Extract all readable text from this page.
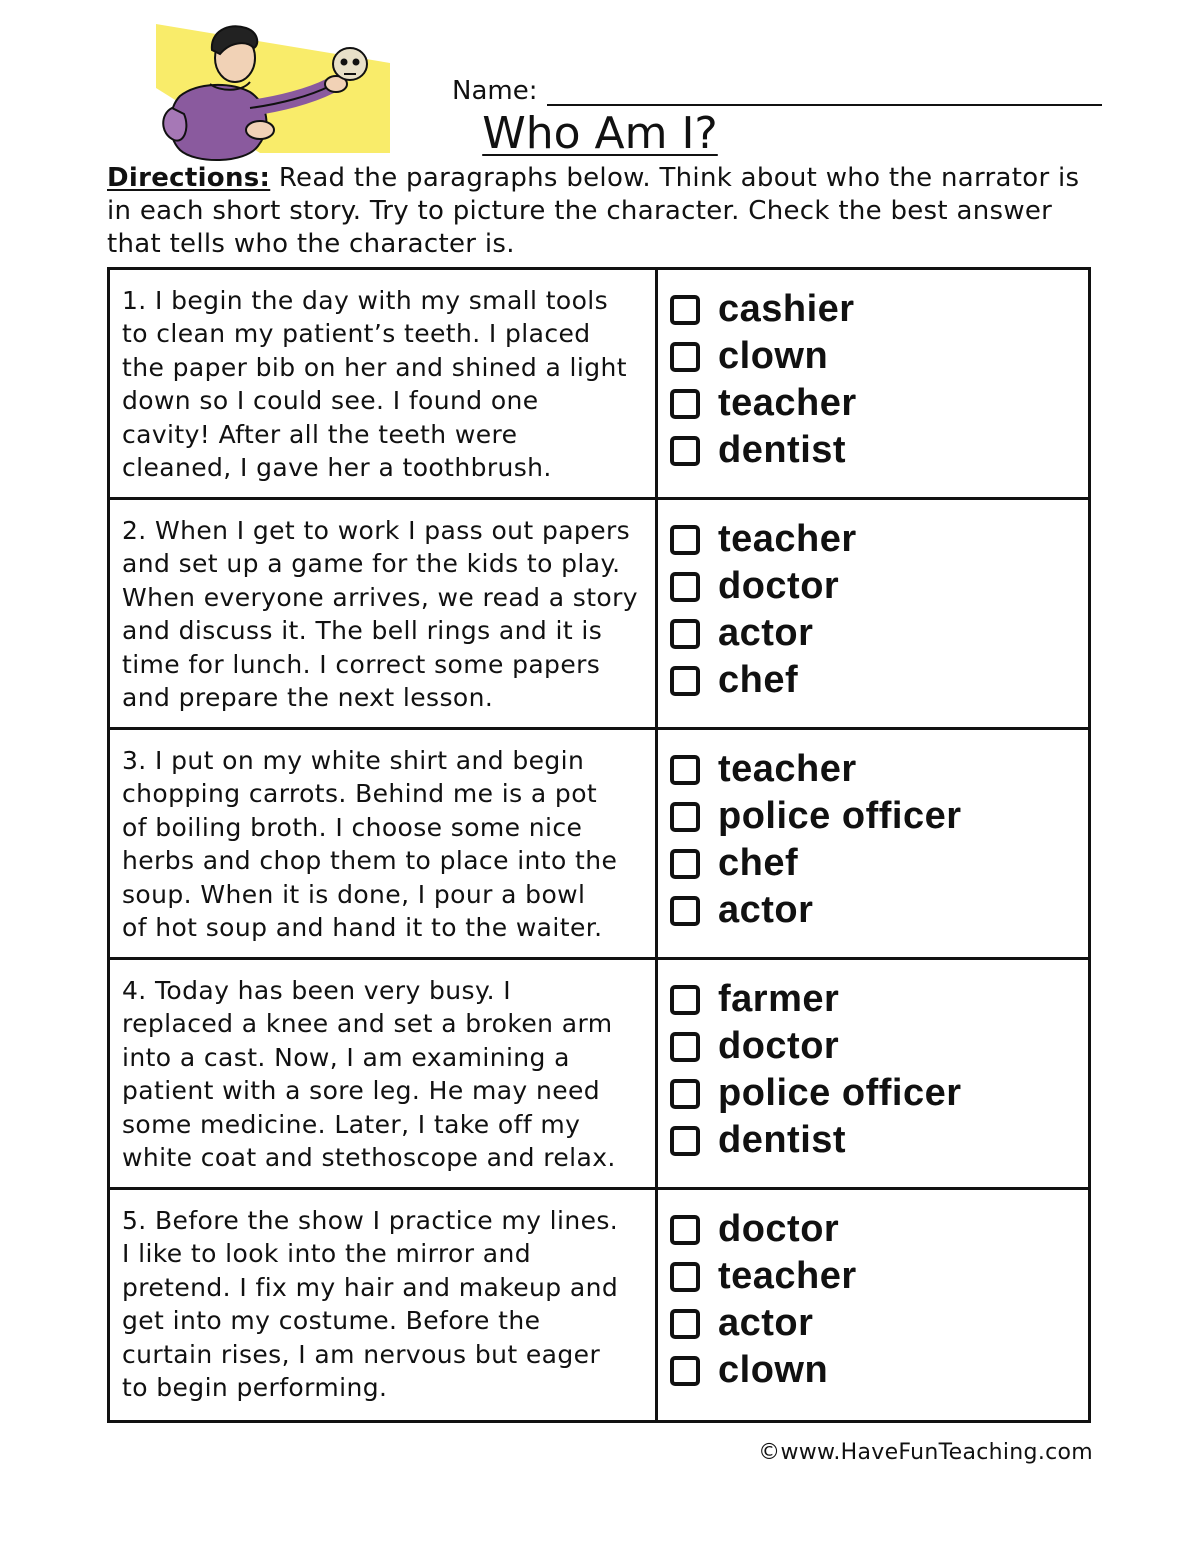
Name:
Who Am I?
Directions: Read the paragraphs below. Think about who the narrator is in each short story. Try to picture the character. Check the best answer that tells who the character is.
1. I begin the day with my small tools
to clean my patient’s teeth. I placed
the paper bib on her and shined a light
down so I could see. I found one
cavity! After all the teeth were
cleaned, I gave her a toothbrush.
cashier
clown
teacher
dentist
2. When I get to work I pass out papers
and set up a game for the kids to play.
When everyone arrives, we read a story
and discuss it. The bell rings and it is
time for lunch. I correct some papers
and prepare the next lesson.
teacher
doctor
actor
chef
3. I put on my white shirt and begin
chopping carrots. Behind me is a pot
of boiling broth. I choose some nice
herbs and chop them to place into the
soup. When it is done, I pour a bowl
of hot soup and hand it to the waiter.
teacher
police officer
chef
actor
4. Today has been very busy. I
replaced a knee and set a broken arm
into a cast. Now, I am examining a
patient with a sore leg. He may need
some medicine. Later, I take off my
white coat and stethoscope and relax.
farmer
doctor
police officer
dentist
5. Before the show I practice my lines.
I like to look into the mirror and
pretend. I fix my hair and makeup and
get into my costume. Before the
curtain rises, I am nervous but eager
to begin performing.
doctor
teacher
actor
clown
©www.HaveFunTeaching.com
